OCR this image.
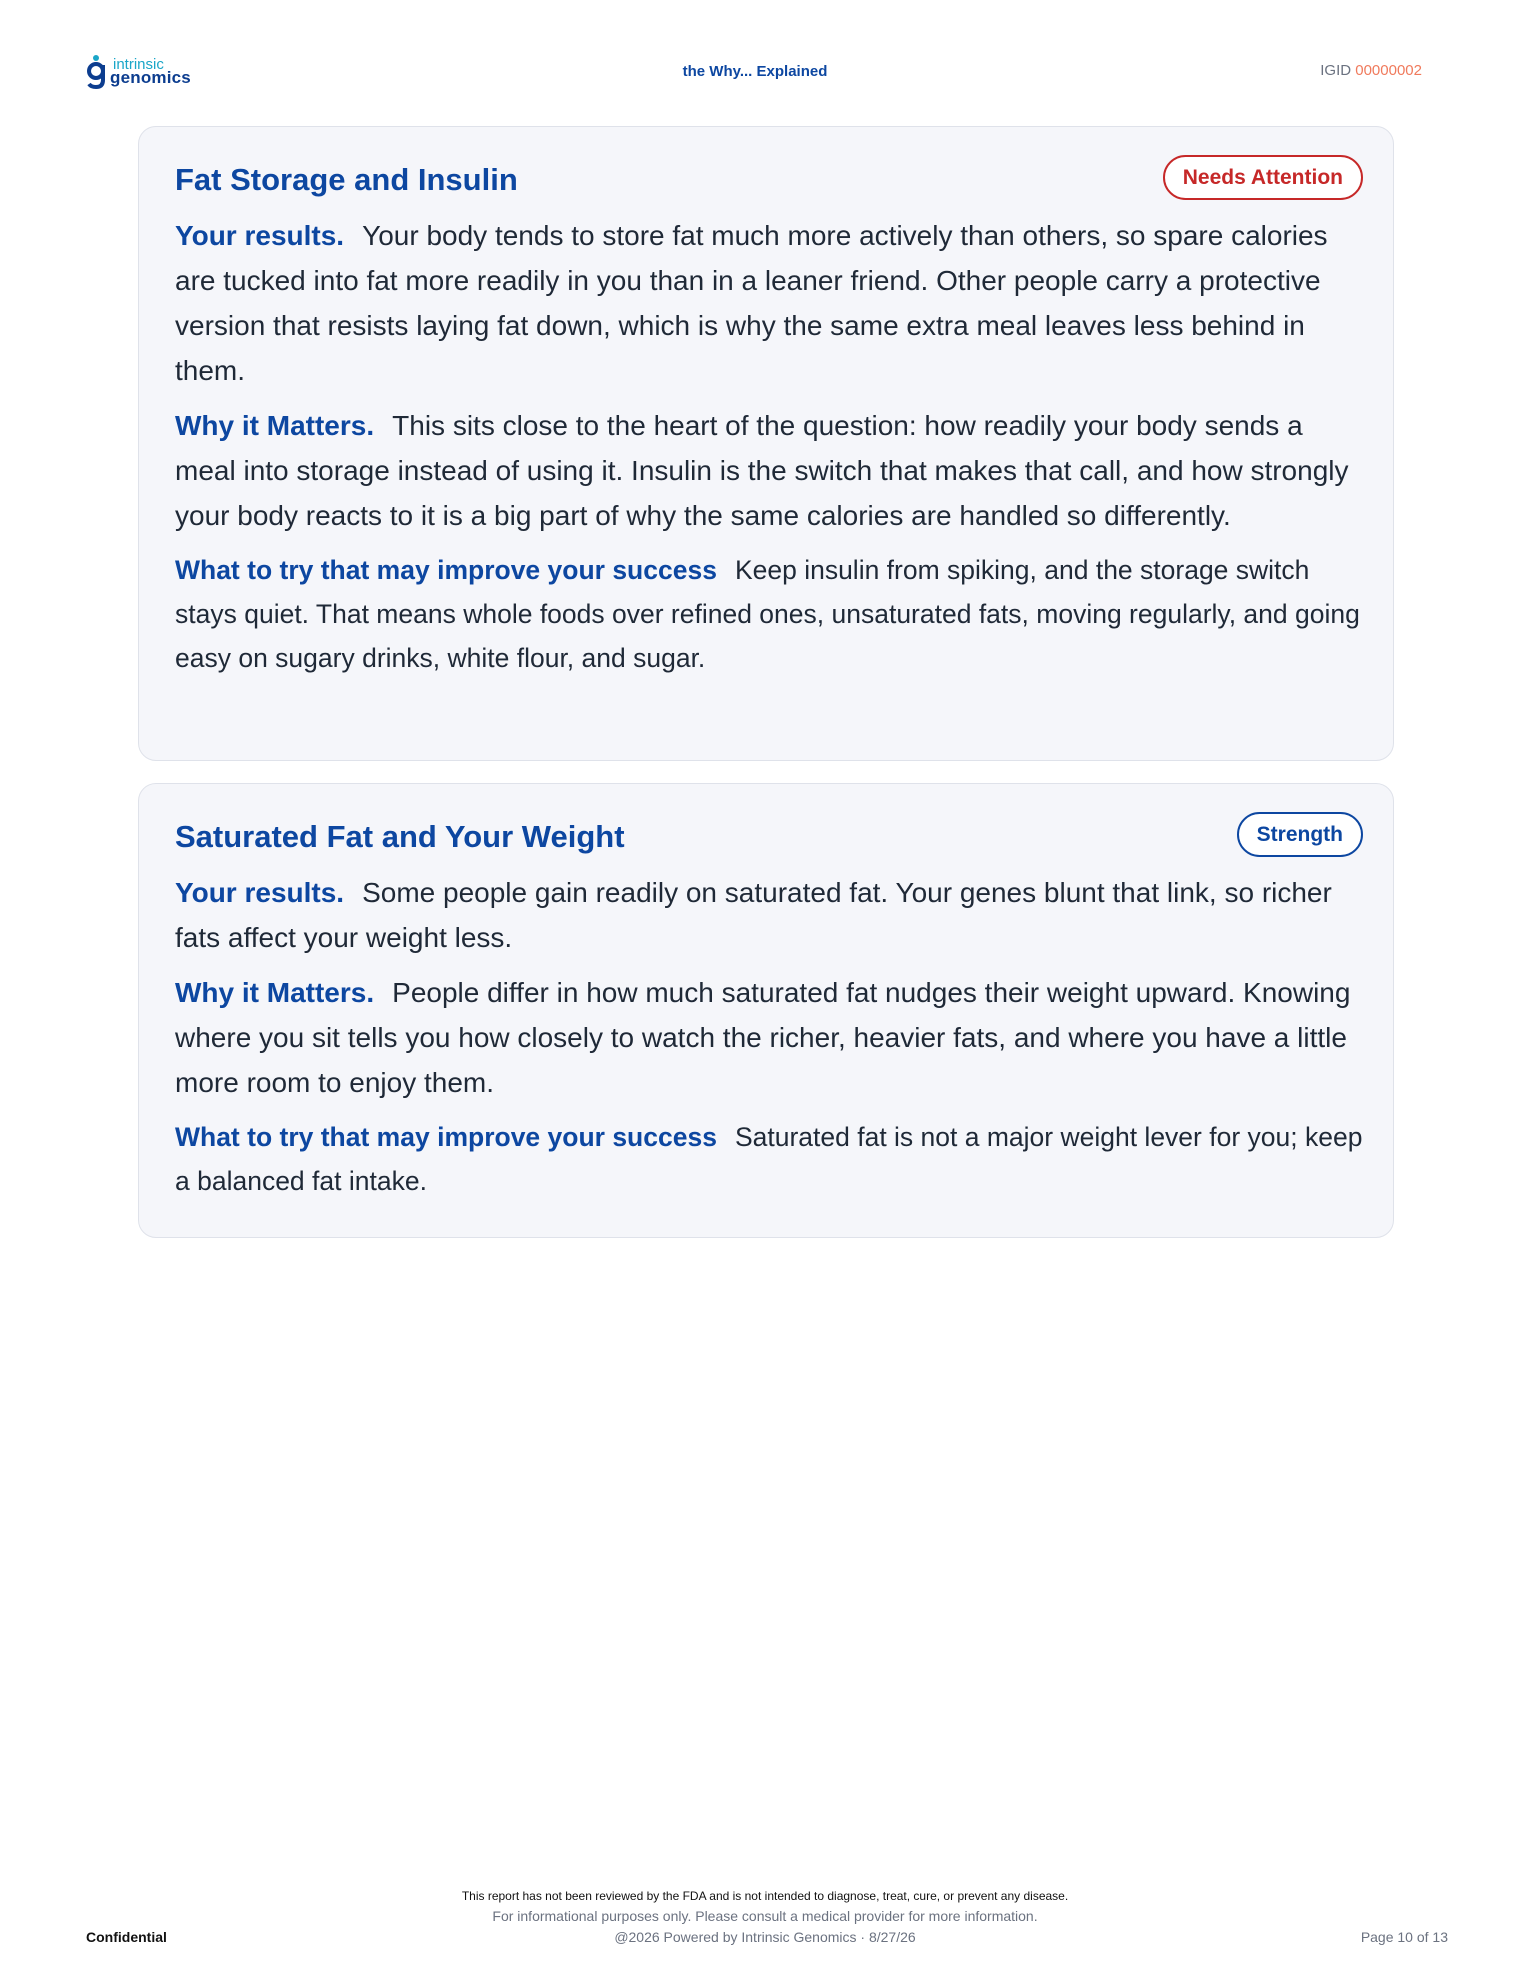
intrinsic
genomics	the Why... Explained	IGID 00000002
Fat Storage and Insulin	Needs Attention

Your results. Your body tends to store fat much more actively than others, so spare calories are tucked into fat more readily in you than in a leaner friend. Other people carry a protective version that resists laying fat down, which is why the same extra meal leaves less behind in them.

Why it Matters. This sits close to the heart of the question: how readily your body sends a meal into storage instead of using it. Insulin is the switch that makes that call, and how strongly your body reacts to it is a big part of why the same calories are handled so differently.

What to try that may improve your success Keep insulin from spiking, and the storage switch stays quiet. That means whole foods over refined ones, unsaturated fats, moving regularly, and going easy on sugary drinks, white flour, and sugar.

Saturated Fat and Your Weight	Strength

Your results. Some people gain readily on saturated fat. Your genes blunt that link, so richer fats affect your weight less.

Why it Matters. People differ in how much saturated fat nudges their weight upward. Knowing where you sit tells you how closely to watch the richer, heavier fats, and where you have a little more room to enjoy them.

What to try that may improve your success Saturated fat is not a major weight lever for you; keep a balanced fat intake.

This report has not been reviewed by the FDA and is not intended to diagnose, treat, cure, or prevent any disease.
For informational purposes only. Please consult a medical provider for more information.
Confidential	@2026 Powered by Intrinsic Genomics · 8/27/26	Page 10 of 13
